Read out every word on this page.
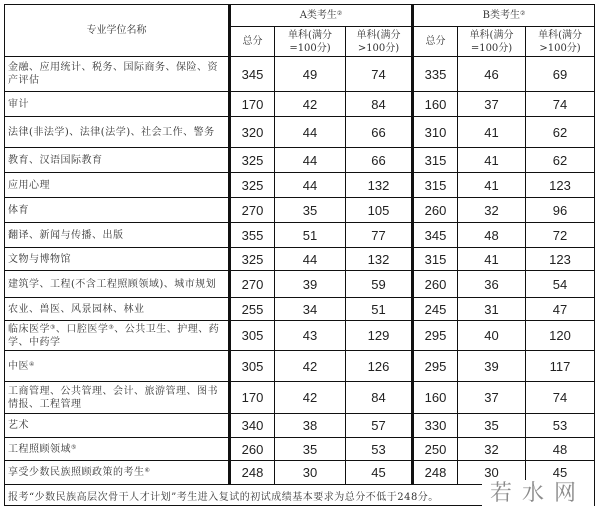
专业学位名称	A类考生②			B类考生②
	总分	单科(满分=100分)	单科(满分>100分)	总分	单科(满分=100分)	单科(满分>100分)
金融、应用统计、税务、国际商务、保险、资产评估	345	49	74	335	46	69
审计	170	42	84	160	37	74
法律(非法学)、法律(法学)、社会工作、警务	320	44	66	310	41	62
教育、汉语国际教育	325	44	66	315	41	62
应用心理	325	44	132	315	41	123
体育	270	35	105	260	32	96
翻译、新闻与传播、出版	355	51	77	345	48	72
文物与博物馆	325	44	132	315	41	123
建筑学、工程(不含工程照顾领域)、城市规划	270	39	59	260	36	54
农业、兽医、风景园林、林业	255	34	51	245	31	47
临床医学③、口腔医学③、公共卫生、护理、药学、中药学	305	43	129	295	40	120
中医④	305	42	126	295	39	117
工商管理、公共管理、会计、旅游管理、图书情报、工程管理	170	42	84	160	37	74
艺术	340	38	57	330	35	53
工程照顾领域⑤	260	35	53	250	32	48
享受少数民族照顾政策的考生⑥	248	30	45	248	30	45
报考“少数民族高层次骨干人才计划”考生进入复试的初试成绩基本要求为总分不低于248分。							若水网
